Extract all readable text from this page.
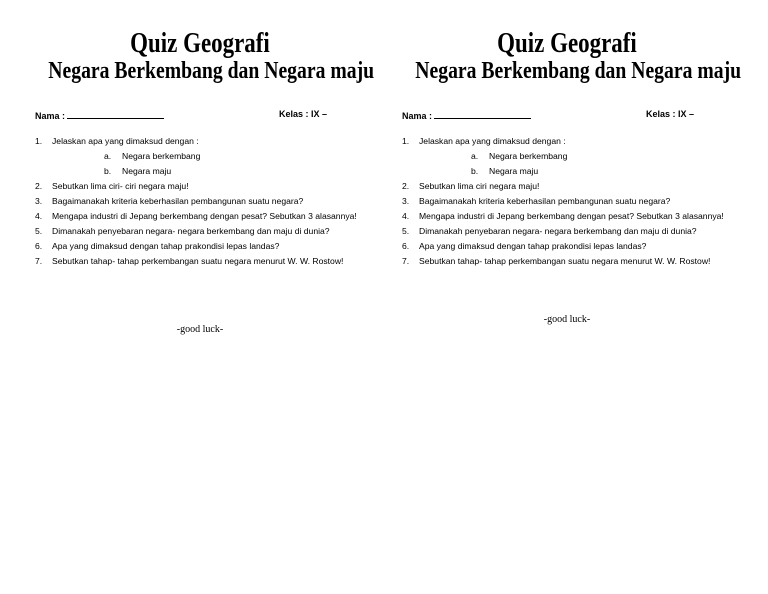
Quiz Geografi
Negara Berkembang dan Negara maju
Nama :	Kelas : IX –
1. Jelaskan apa yang dimaksud dengan :
a. Negara berkembang
b. Negara maju
2. Sebutkan lima ciri- ciri negara maju!
3. Bagaimanakah kriteria keberhasilan pembangunan suatu negara?
4. Mengapa industri di Jepang berkembang dengan pesat? Sebutkan 3 alasannya!
5. Dimanakah penyebaran negara- negara berkembang dan maju di dunia?
6. Apa yang dimaksud dengan tahap prakondisi lepas landas?
7. Sebutkan tahap- tahap perkembangan suatu negara menurut W. W. Rostow!
-good luck-
Quiz Geografi
Negara Berkembang dan Negara maju
Nama :	Kelas : IX –
1. Jelaskan apa yang dimaksud dengan :
a. Negara berkembang
b. Negara maju
2. Sebutkan lima ciri negara maju!
3. Bagaimanakah kriteria keberhasilan pembangunan suatu negara?
4. Mengapa industri di Jepang berkembang dengan pesat? Sebutkan 3 alasannya!
5. Dimanakah penyebaran negara- negara berkembang dan maju di dunia?
6. Apa yang dimaksud dengan tahap prakondisi lepas landas?
7. Sebutkan tahap- tahap perkembangan suatu negara menurut W. W. Rostow!
-good luck-
